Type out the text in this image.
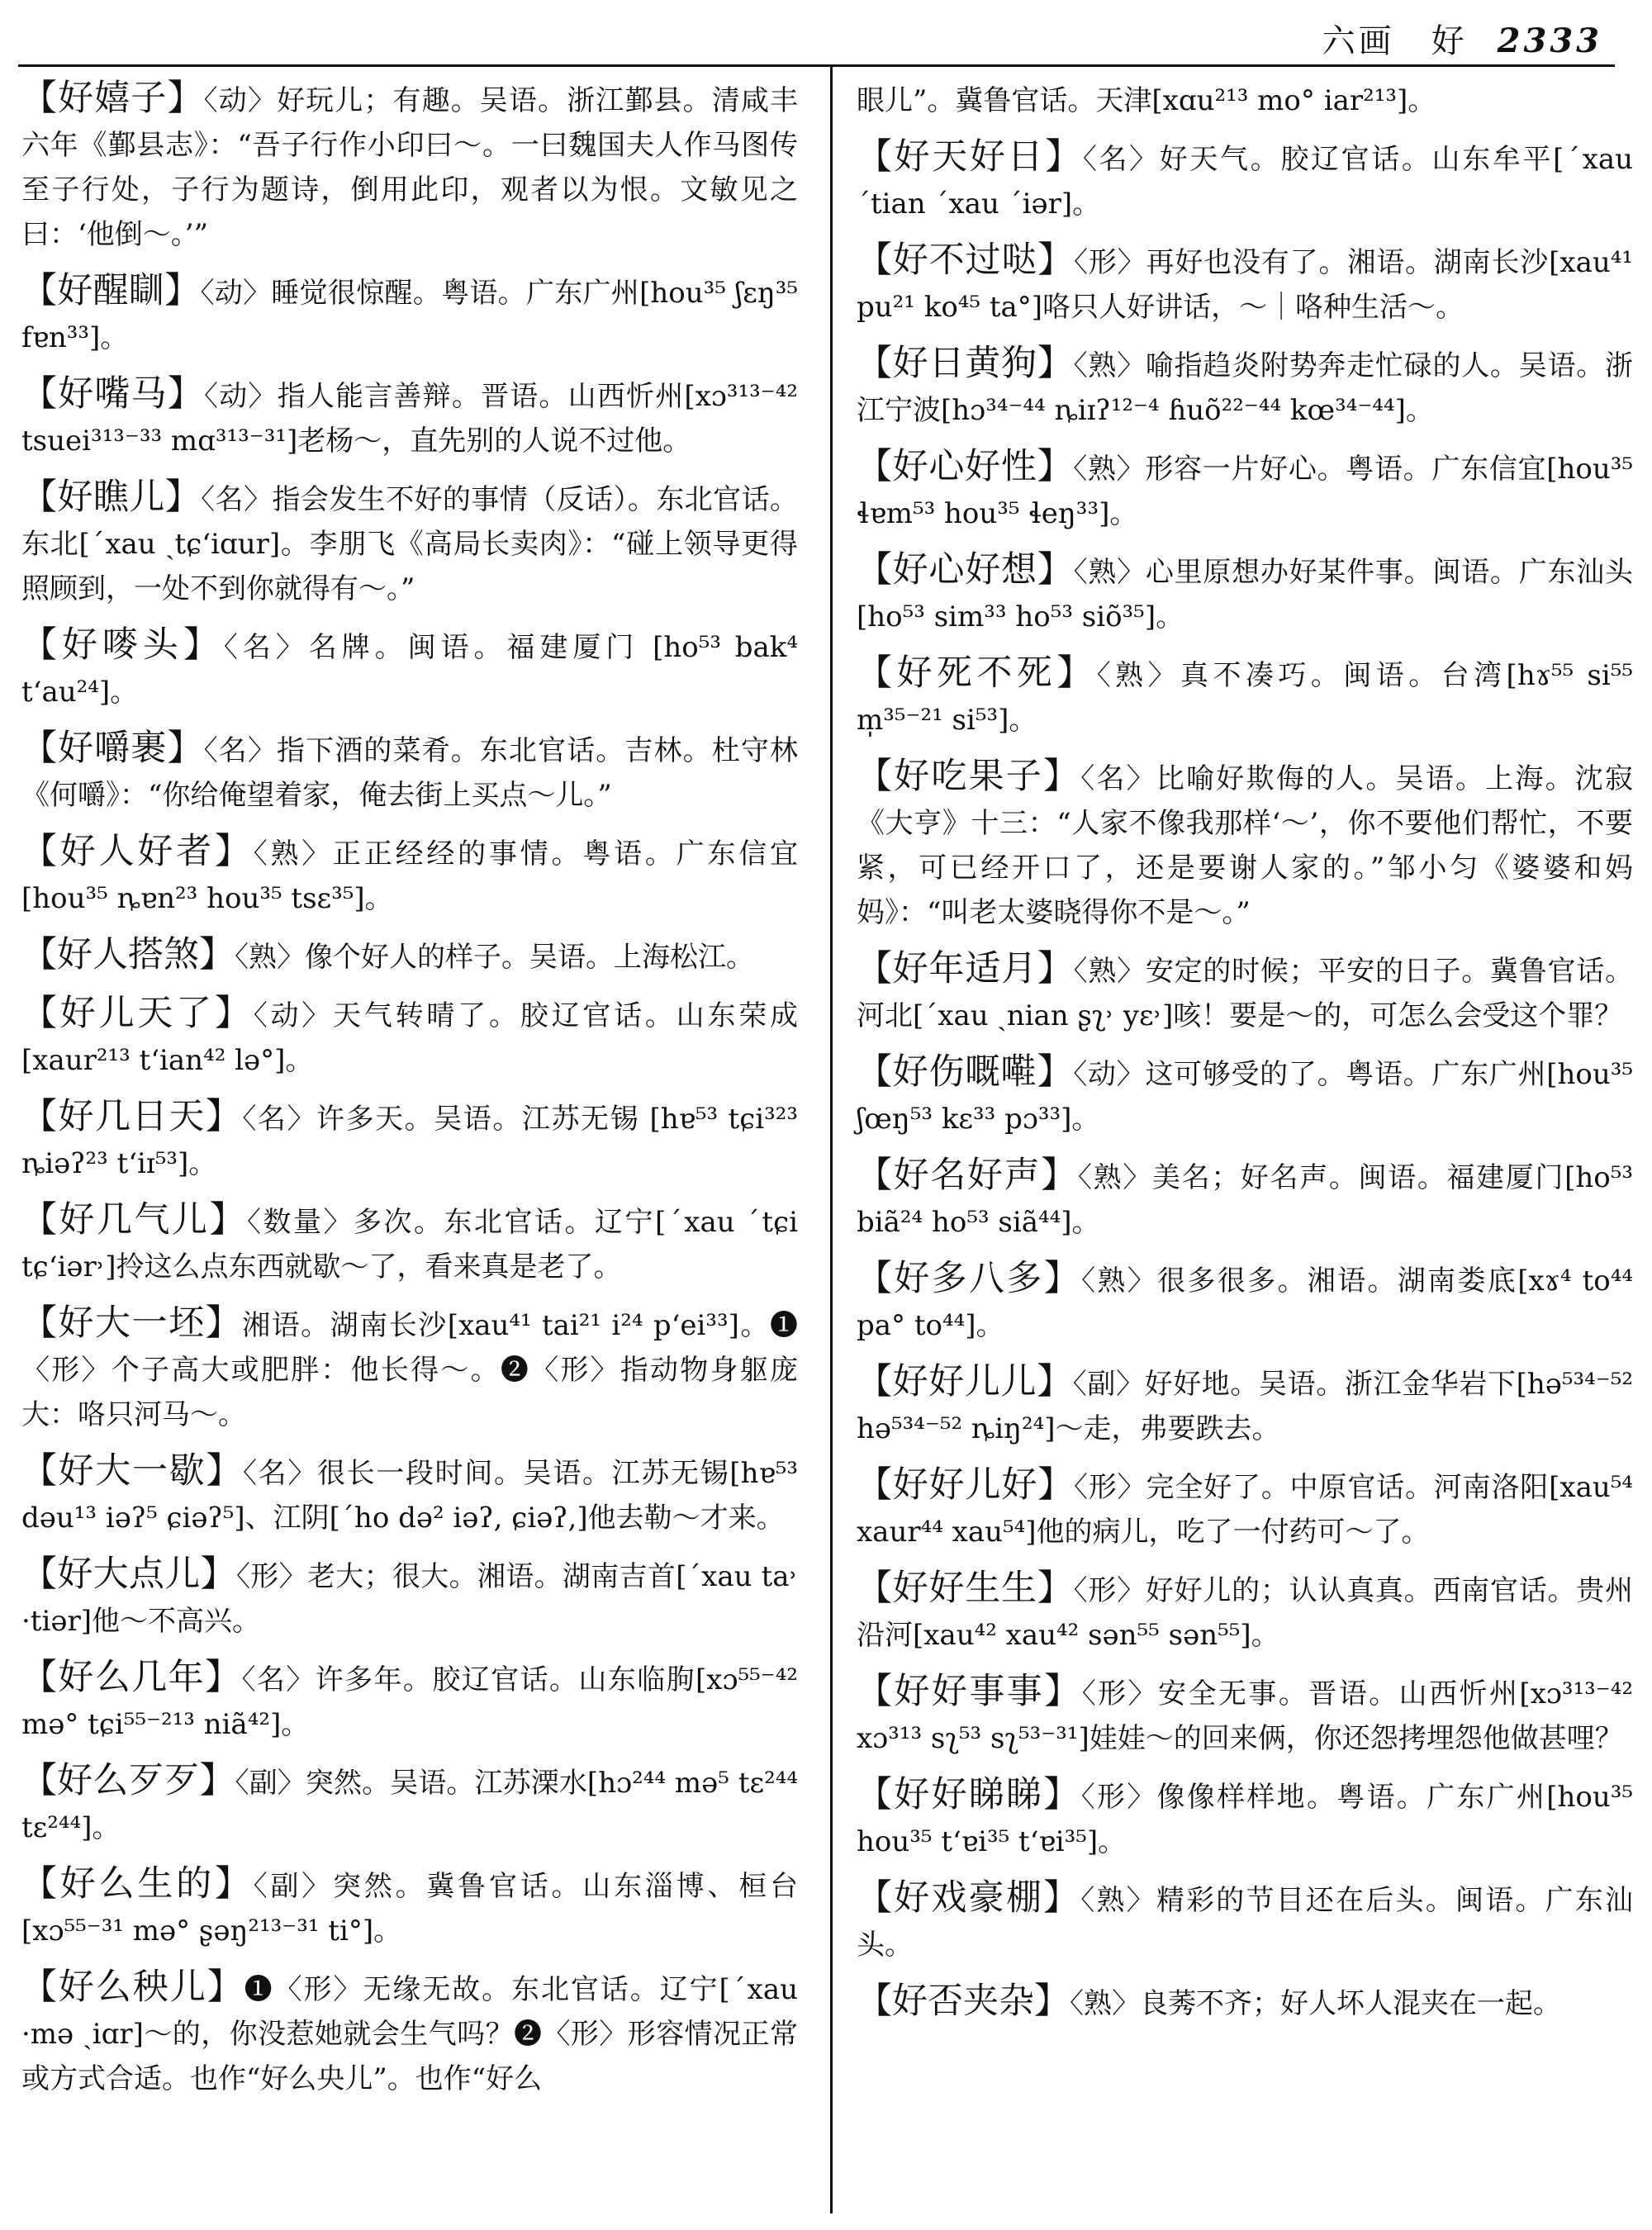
六画　好 2333
【好嬉子】〈动〉好玩儿；有趣。吴语。浙江鄞县。清咸丰六年《鄞县志》：“吾子行作小印曰～。一曰魏国夫人作马图传至子行处，子行为题诗，倒用此印，观者以为恨。文敏见之曰：‘他倒～。’”
【好醒瞓】〈动〉睡觉很惊醒。粤语。广东广州[hou³⁵ ʃɛŋ³⁵ fɐn³³]。
【好嘴马】〈动〉指人能言善辩。晋语。山西忻州[xɔ³¹³⁻⁴² tsuei³¹³⁻³³ mɑ³¹³⁻³¹]老杨～，直先别的人说不过他。
【好瞧儿】〈名〉指会发生不好的事情（反话）。东北官话。东北[ˊxau ˏtɕʻiɑur]。李朋飞《高局长卖肉》：“碰上领导更得照顾到，一处不到你就得有～。”
【好嘜头】〈名〉名牌。闽语。福建厦门 [ho⁵³ bak⁴ tʻau²⁴]。
【好嚼裹】〈名〉指下酒的菜肴。东北官话。吉林。杜守林《何嚼》：“你给俺望着家，俺去街上买点～儿。”
【好人好者】〈熟〉正正经经的事情。粤语。广东信宜[hou³⁵ ȵɐn²³ hou³⁵ tsɛ³⁵]。
【好人搭煞】〈熟〉像个好人的样子。吴语。上海松江。
【好儿天了】〈动〉天气转晴了。胶辽官话。山东荣成[xaur²¹³ tʻian⁴² lə°]。
【好几日天】〈名〉许多天。吴语。江苏无锡 [hɐ⁵³ tɕi³²³ ȵiəʔ²³ tʻiɪ⁵³]。
【好几气儿】〈数量〉多次。东北官话。辽宁[ˊxau ˊtɕi tɕʻiər˒]拎这么点东西就歇～了，看来真是老了。
【好大一坯】湘语。湖南长沙[xau⁴¹ tai²¹ i²⁴ pʻei³³]。❶〈形〉个子高大或肥胖：他长得～。❷〈形〉指动物身躯庞大：咯只河马～。
【好大一歇】〈名〉很长一段时间。吴语。江苏无锡[hɐ⁵³ dəu¹³ iəʔ⁵ ɕiəʔ⁵]、江阴[ˊho də² iəʔ, ɕiəʔ,]他去勒～才来。
【好大点儿】〈形〉老大；很大。湘语。湖南吉首[ˊxau ta˒ ·tiər]他～不高兴。
【好么几年】〈名〉许多年。胶辽官话。山东临朐[xɔ⁵⁵⁻⁴² mə° tɕi⁵⁵⁻²¹³ niã⁴²]。
【好么歹歹】〈副〉突然。吴语。江苏溧水[hɔ²⁴⁴ mə⁵ tɛ²⁴⁴ tɛ²⁴⁴]。
【好么生的】〈副〉突然。冀鲁官话。山东淄博、桓台[xɔ⁵⁵⁻³¹ mə° ʂəŋ²¹³⁻³¹ ti°]。
【好么秧儿】❶〈形〉无缘无故。东北官话。辽宁[ˊxau ·mə ˏiɑr]～的，你没惹她就会生气吗？❷〈形〉形容情况正常或方式合适。也作“好么央儿”。也作“好么
眼儿”。冀鲁官话。天津[xɑu²¹³ mo° iar²¹³]。
【好天好日】〈名〉好天气。胶辽官话。山东牟平[ˊxau ˊtian ˊxau ˊiər]。
【好不过哒】〈形〉再好也没有了。湘语。湖南长沙[xau⁴¹ pu²¹ ko⁴⁵ ta°]咯只人好讲话，～｜咯种生活～。
【好日黄狗】〈熟〉喻指趋炎附势奔走忙碌的人。吴语。浙江宁波[hɔ³⁴⁻⁴⁴ ȵiɪʔ¹²⁻⁴ ɦuõ²²⁻⁴⁴ kœ³⁴⁻⁴⁴]。
【好心好性】〈熟〉形容一片好心。粤语。广东信宜[hou³⁵ ɬɐm⁵³ hou³⁵ ɬeŋ³³]。
【好心好想】〈熟〉心里原想办好某件事。闽语。广东汕头[ho⁵³ sim³³ ho⁵³ siõ³⁵]。
【好死不死】〈熟〉真不凑巧。闽语。台湾[hɤ⁵⁵ si⁵⁵ m̩³⁵⁻²¹ si⁵³]。
【好吃果子】〈名〉比喻好欺侮的人。吴语。上海。沈寂《大亨》十三：“人家不像我那样‘～’，你不要他们帮忙，不要紧，可已经开口了，还是要谢人家的。”邹小匀《婆婆和妈妈》：“叫老太婆晓得你不是～。”
【好年适月】〈熟〉安定的时候；平安的日子。冀鲁官话。河北[ˊxau ˏnian ʂʅ˒ yɛ˒]咳！要是～的，可怎么会受这个罪？
【好伤嘅嚡】〈动〉这可够受的了。粤语。广东广州[hou³⁵ ʃœŋ⁵³ kɛ³³ pɔ³³]。
【好名好声】〈熟〉美名；好名声。闽语。福建厦门[ho⁵³ biã²⁴ ho⁵³ siã⁴⁴]。
【好多八多】〈熟〉很多很多。湘语。湖南娄底[xɤ⁴ to⁴⁴ pa° to⁴⁴]。
【好好儿儿】〈副〉好好地。吴语。浙江金华岩下[hə⁵³⁴⁻⁵² hə⁵³⁴⁻⁵² ȵiŋ²⁴]～走，弗要跌去。
【好好儿好】〈形〉完全好了。中原官话。河南洛阳[xau⁵⁴ xaur⁴⁴ xau⁵⁴]他的病儿，吃了一付药可～了。
【好好生生】〈形〉好好儿的；认认真真。西南官话。贵州沿河[xau⁴² xau⁴² sən⁵⁵ sən⁵⁵]。
【好好事事】〈形〉安全无事。晋语。山西忻州[xɔ³¹³⁻⁴² xɔ³¹³ sʅ⁵³ sʅ⁵³⁻³¹]娃娃～的回来俩，你还怨拷埋怨他做甚哩？
【好好睇睇】〈形〉像像样样地。粤语。广东广州[hou³⁵ hou³⁵ tʻɐi³⁵ tʻɐi³⁵]。
【好戏豪棚】〈熟〉精彩的节目还在后头。闽语。广东汕头。
【好否夹杂】〈熟〉良莠不齐；好人坏人混夹在一起。
